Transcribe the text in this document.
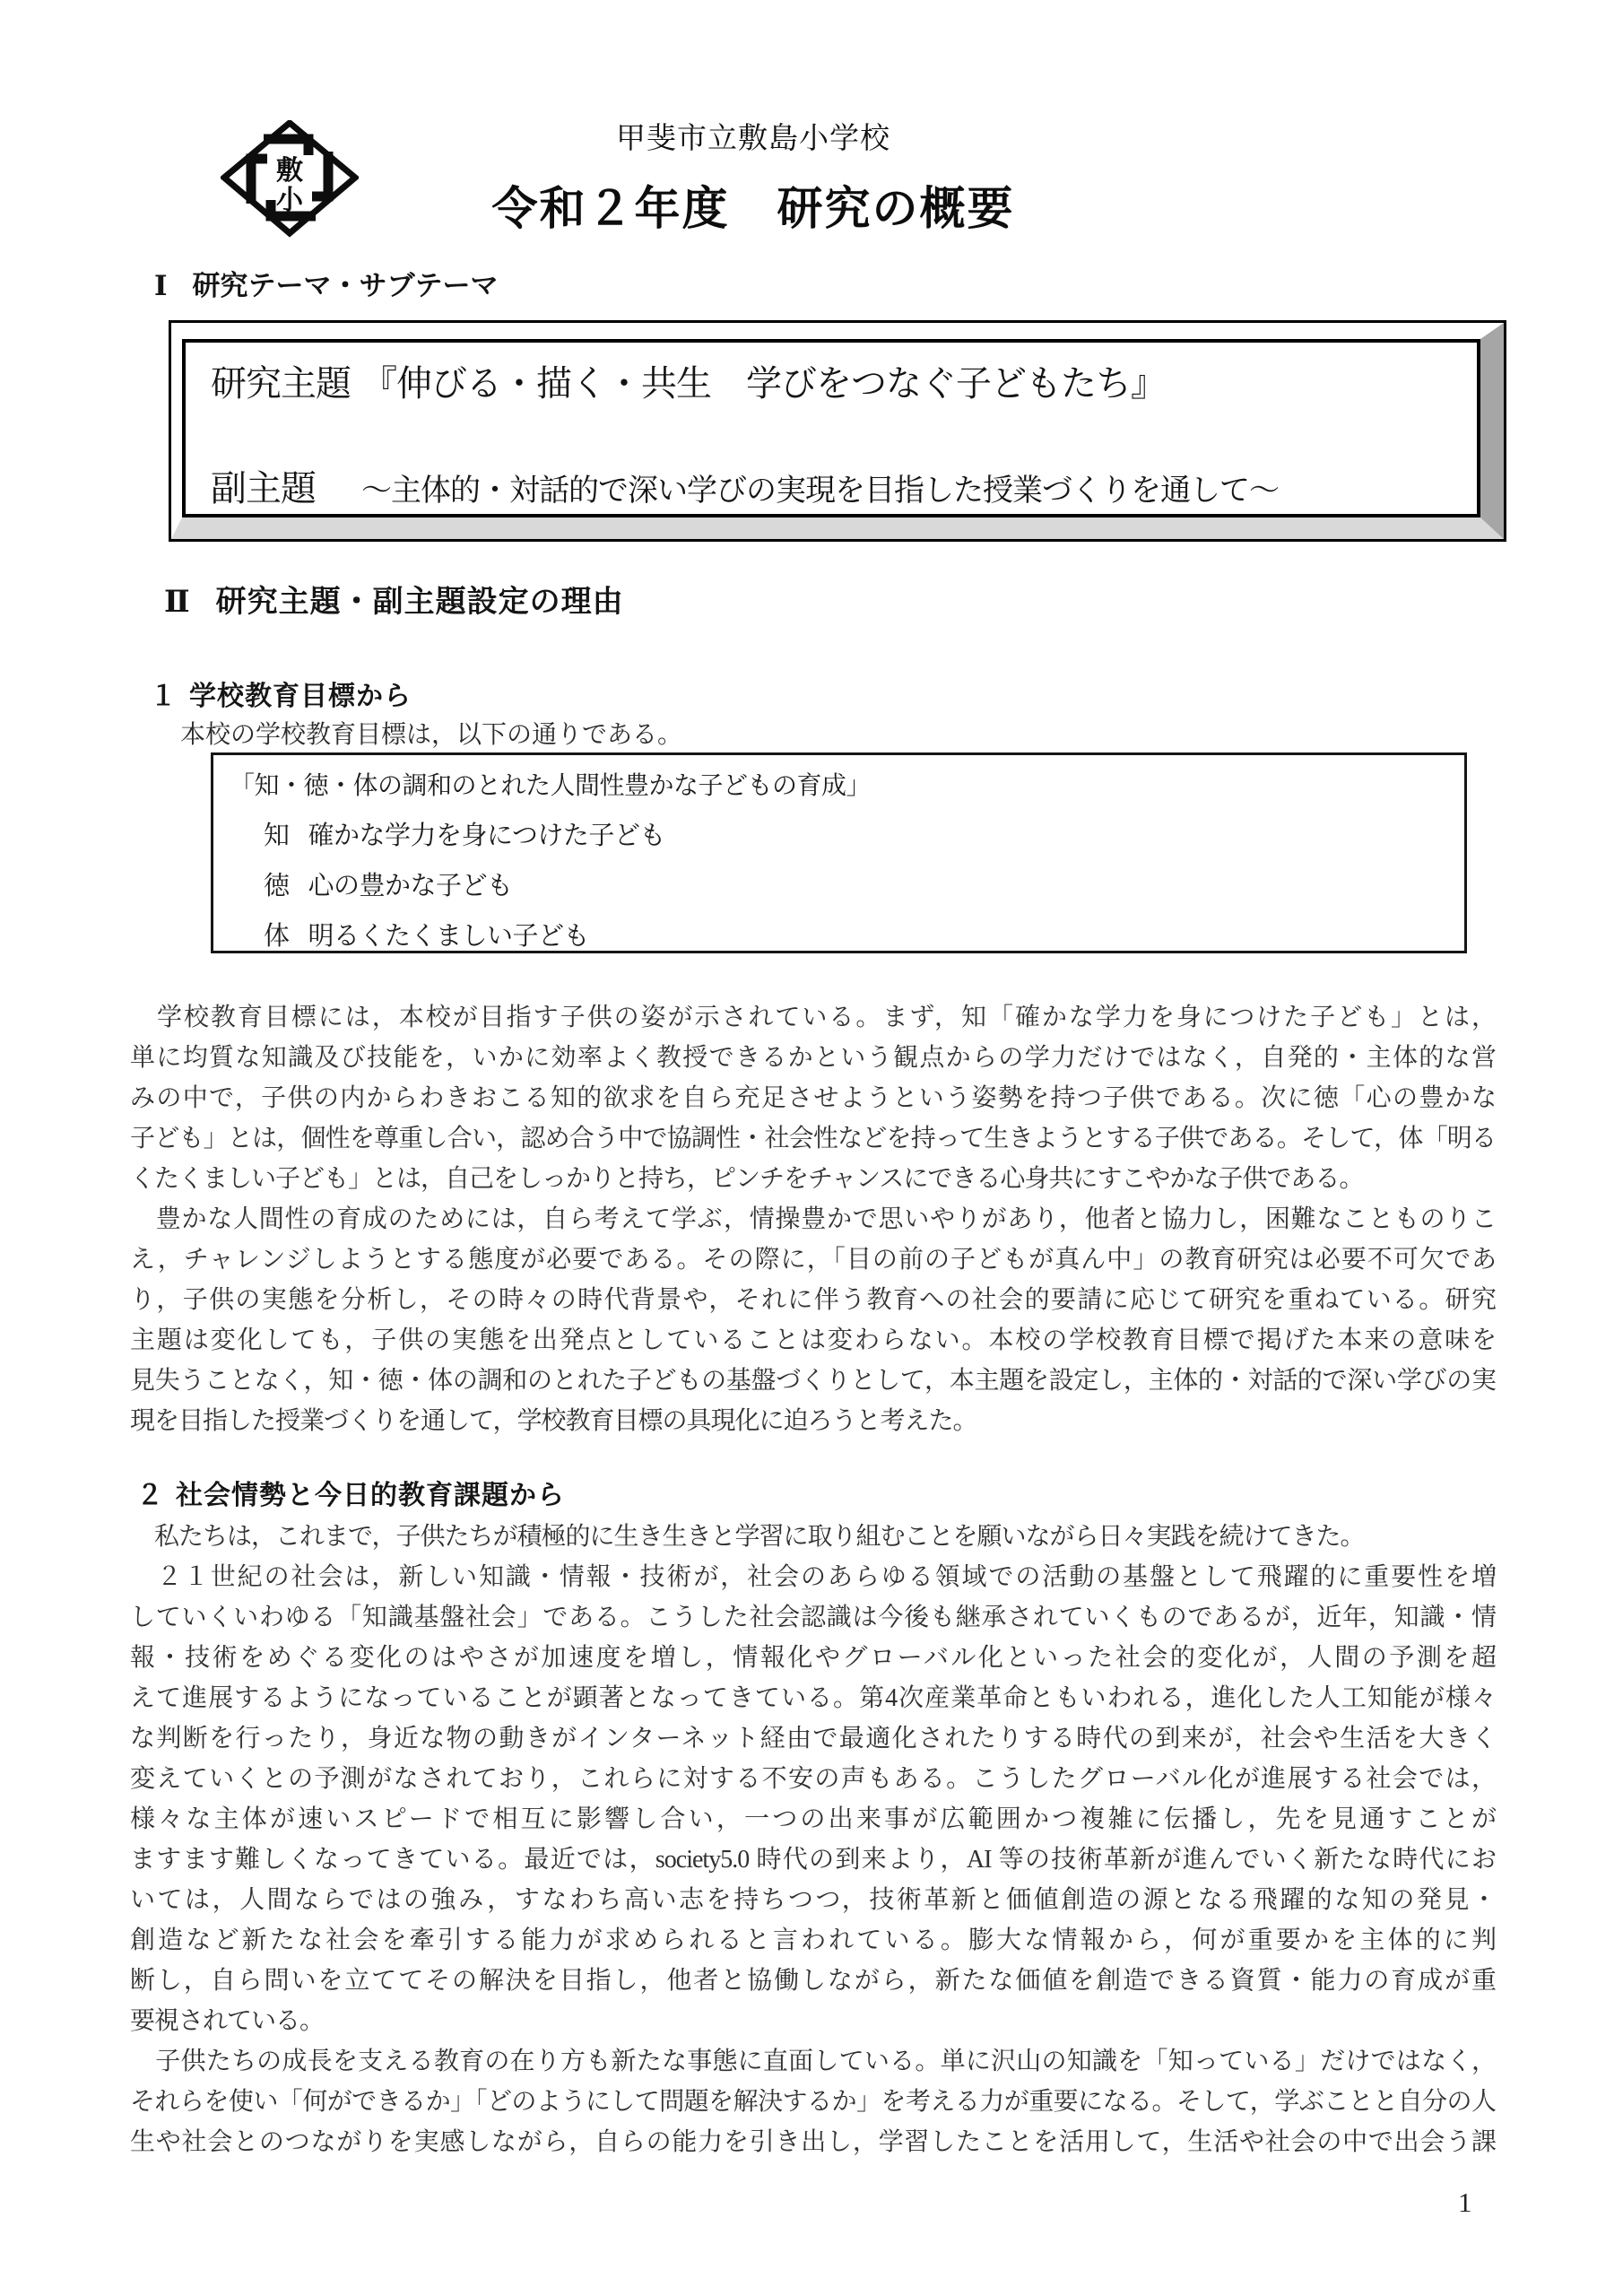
敷
小
甲斐市立敷島小学校
令和２年度　研究の概要
Ⅰ 研究テーマ・サブテーマ
研究主題 『伸びる・描く・共生　学びをつなぐ子どもたち』
副主題	～主体的・対話的で深い学びの実現を目指した授業づくりを通して～
Ⅱ 研究主題・副主題設定の理由
１ 学校教育目標から
　　本校の学校教育目標は，以下の通りである。
「知・徳・体の調和のとれた人間性豊かな子どもの育成」
知 確かな学力を身につけた子ども
徳 心の豊かな子ども
体 明るくたくましい子ども
　学校教育目標には，本校が目指す子供の姿が示されている。まず，知「確かな学力を身につけた子ども」とは，
単に均質な知識及び技能を，いかに効率よく教授できるかという観点からの学力だけではなく，自発的・主体的な営
みの中で，子供の内からわきおこる知的欲求を自ら充足させようという姿勢を持つ子供である。次に徳「心の豊かな
子ども」とは，個性を尊重し合い，認め合う中で協調性・社会性などを持って生きようとする子供である。そして，体「明る
くたくましい子ども」とは，自己をしっかりと持ち，ピンチをチャンスにできる心身共にすこやかな子供である。
　豊かな人間性の育成のためには，自ら考えて学ぶ，情操豊かで思いやりがあり，他者と協力し，困難なことものりこ
え，チャレンジしようとする態度が必要である。その際に，「目の前の子どもが真ん中」の教育研究は必要不可欠であ
り，子供の実態を分析し，その時々の時代背景や，それに伴う教育への社会的要請に応じて研究を重ねている。研究
主題は変化しても，子供の実態を出発点としていることは変わらない。本校の学校教育目標で掲げた本来の意味を
見失うことなく，知・徳・体の調和のとれた子どもの基盤づくりとして，本主題を設定し，主体的・対話的で深い学びの実
現を目指した授業づくりを通して，学校教育目標の具現化に迫ろうと考えた。
２ 社会情勢と今日的教育課題から
　私たちは，これまで，子供たちが積極的に生き生きと学習に取り組むことを願いながら日々実践を続けてきた。
　２１世紀の社会は，新しい知識・情報・技術が，社会のあらゆる領域での活動の基盤として飛躍的に重要性を増
していくいわゆる「知識基盤社会」である。こうした社会認識は今後も継承されていくものであるが，近年，知識・情
報・技術をめぐる変化のはやさが加速度を増し，情報化やグローバル化といった社会的変化が，人間の予測を超
えて進展するようになっていることが顕著となってきている。第4次産業革命ともいわれる，進化した人工知能が様々
な判断を行ったり，身近な物の動きがインターネット経由で最適化されたりする時代の到来が，社会や生活を大きく
変えていくとの予測がなされており，これらに対する不安の声もある。こうしたグローバル化が進展する社会では，
様々な主体が速いスピードで相互に影響し合い，一つの出来事が広範囲かつ複雑に伝播し，先を見通すことが
ますます難しくなってきている。最近では，society5.0 時代の到来より，AI 等の技術革新が進んでいく新たな時代にお
いては，人間ならではの強み，すなわち高い志を持ちつつ，技術革新と価値創造の源となる飛躍的な知の発見・
創造など新たな社会を牽引する能力が求められると言われている。膨大な情報から，何が重要かを主体的に判
断し，自ら問いを立ててその解決を目指し，他者と協働しながら，新たな価値を創造できる資質・能力の育成が重
要視されている。
　子供たちの成長を支える教育の在り方も新たな事態に直面している。単に沢山の知識を「知っている」だけではなく，
それらを使い「何ができるか」「どのようにして問題を解決するか」を考える力が重要になる。そして，学ぶことと自分の人
生や社会とのつながりを実感しながら，自らの能力を引き出し，学習したことを活用して，生活や社会の中で出会う課
1
